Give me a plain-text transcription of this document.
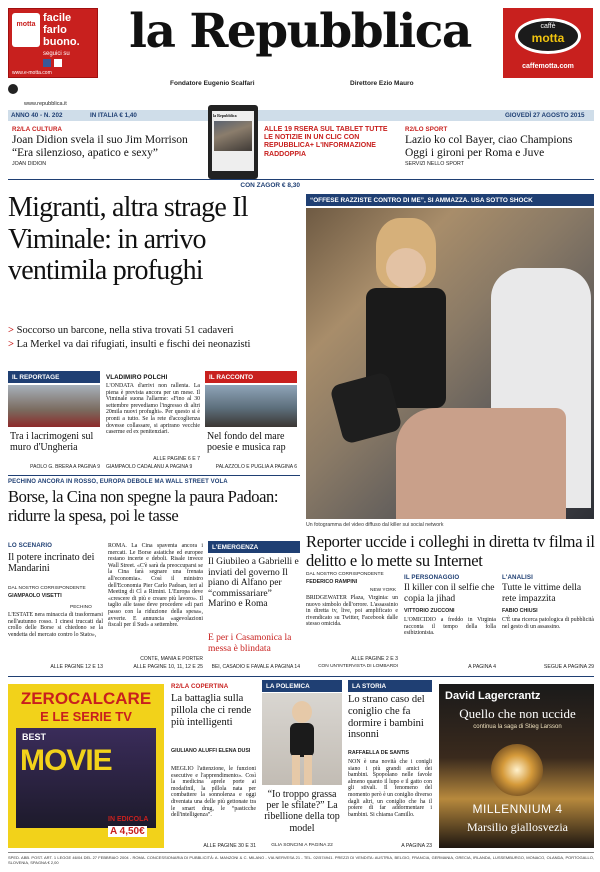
motta
facile
farlo
buono.
seguici su
www.e-motta.com
la Repubblica
Fondatore Eugenio Scalfari	Direttore Ezio Mauro
caffè
motta
caffemotta.com
www.repubblica.it
ANNO 40 - N. 202	IN ITALIA € 1,40	GIOVEDÌ 27 AGOSTO 2015
R2/LA CULTURA
Joan Didion svela il suo Jim Morrison “Era silenzioso, apatico e sexy”
JOAN DIDION
la Repubblica
ALLE 19 RSERA SUL TABLET TUTTE LE NOTIZIE IN UN CLIC CON REPUBBLICA+ L'INFORMAZIONE RADDOPPIA
R2/LO SPORT
Lazio ko col Bayer, ciao Champions Oggi i gironi per Roma e Juve
SERVIZI NELLO SPORT
CON ZAGOR € 8,30
Migranti, altra strage Il Viminale: in arrivo ventimila profughi
> Soccorso un barcone, nella stiva trovati 51 cadaveri
> La Merkel va dai rifugiati, insulti e fischi dei neonazisti
IL REPORTAGE
Tra i lacrimogeni sul muro d'Ungheria
PAOLO G. BRERA A PAGINA 9
VLADIMIRO POLCHI
L'ONDATA d'arrivi non rallenta. La piena è prevista ancora per un mese. Il Viminale suona l'allarme: «Fino al 30 settembre prevediamo l'ingresso di altri 20mila nuovi profughi». Per questo si è pronti a tutto. Se la rete d'accoglienza dovesse collassare, si aprirano vecchie caserme ed ex penitenziari.
ALLE PAGINE 6 E 7
GIAMPAOLO CADALANU A PAGINA 9
IL RACCONTO
Nel fondo del mare poesie e musica rap
PALAZZOLO E PUGLIA A PAGINA 6
“OFFESE RAZZISTE CONTRO DI ME”, SI AMMAZZA. USA SOTTO SHOCK
Un fotogramma del video diffuso dal killer sui social network
Reporter uccide i colleghi in diretta tv filma il delitto e lo mette su Internet
PECHINO ANCORA IN ROSSO, EUROPA DEBOLE MA WALL STREET VOLA
Borse, la Cina non spegne la paura Padoan: ridurre la spesa, poi le tasse
LO SCENARIO
Il potere incrinato dei Mandarini
DAL NOSTRO CORRISPONDENTE
GIAMPAOLO VISETTI
PECHINO
L'ESTATE nera minaccia di trasformarsi nell'autunno rosso. I cinesi truccati dal crollo delle Borse si chiedono se la vendetta del mercato contro lo Stato»,
ALLE PAGINE 12 E 13
ROMA. La Cina spaventa ancora i mercati. Le Borse asiatiche ed europee restano incerte e deboli. Risale invece Wall Street. «C'è sarà da preoccuparsi se la Cina farà segnare una frenata all'economia». Così il ministro dell'Economia Pier Carlo Padoan, ieri al Meeting di Cl a Rimini. L'Europa deve «crescere di più e creare più lavoro». Il taglio alle tasse deve procedere «di pari passo con la riduzione della spesa», avverte. E annuncia «agevolazioni fiscali per il Sud» a settembre.
CONTE, MANIA E PORTER
ALLE PAGINE 10, 11, 12 E 25
L'EMERGENZA
Il Giubileo a Gabrielli e inviati del governo Il piano di Alfano per “commissariare” Marino e Roma
E per i Casamonica la messa è blindata
BEI, CASADIO E FAVALE A PAGINA 14
DAL NOSTRO CORRISPONDENTE
FEDERICO RAMPINI
NEW YORK
BRIDGEWATER Plaza, Virginia: un nuovo simbolo dell'orrore. L'assassinio in diretta tv, live, poi amplificato e rivendicato su Twitter, Facebook dalle stesso omicida.
ALLE PAGINE 2 E 3
CON UN'INTERVISTA DI LOMBARDI
IL PERSONAGGIO
Il killer con il selfie che copia la jihad
VITTORIO ZUCCONI
L'OMICIDIO a freddo in Virginia racconta il tempo della folla esibizionista.
A PAGINA 4
L'ANALISI
Tutte le vittime della rete impazzita
FABIO CHIUSI
C'È una ricerca patologica di pubblicità nel gesto di un assassino.
SEGUE A PAGINA 29
ZEROCALCARE
E LE SERIE TV
BEST
MOVIE
IN EDICOLA
A 4,50€
R2/LA COPERTINA
La battaglia sulla pillola che ci rende più intelligenti
GIULIANO ALUFFI ELENA DUSI
MEGLIO l'attenzione, le funzioni esecutive e l'apprendimento». Così la medicina aprele porte ai modafinil, la pillola nata per combattere la sonnolenza e oggi diventata una delle più gettonate tra le smart drug, le “pasticche dell'intelligenza”.
ALLE PAGINE 30 E 31
LA POLEMICA
“Io troppo grassa per le sfilate?” La ribellione della top model
GLIA SONCINI A PAGINA 22
LA STORIA
Lo strano caso del coniglio che fa dormire i bambini insonni
RAFFAELLA DE SANTIS
NON è una novità che i conigli siano i più grandi amici dei bambini. Spopolano nelle favole almeno quanto il lupo e il gatto con gli stivali. Il fenomeno del momento però è un coniglio diverso dagli altri, un coniglio che ha il potere di far addormentare i bambini. Si chiama Camillo.
A PAGINA 23
David Lagercrantz
Quello che non uccide
continua la saga di Stieg Larsson
MILLENNIUM 4
Marsilio giallosvezia
SPED. ABB. POST. ART. 1 LEGGE 46/04 DEL 27 FEBBRAIO 2004 - ROMA. CONCESSIONARIA DI PUBBLICITÀ: A. MANZONI & C. MILANO - VIA NERVESA 21 - TEL. 02/574941. PREZZI DI VENDITA: AUSTRIA, BELGIO, FRANCIA, GERMANIA, GRECIA, IRLANDA, LUSSEMBURGO, MONACO, OLANDA, PORTOGALLO, SLOVENIA, SPAGNA € 2,00
